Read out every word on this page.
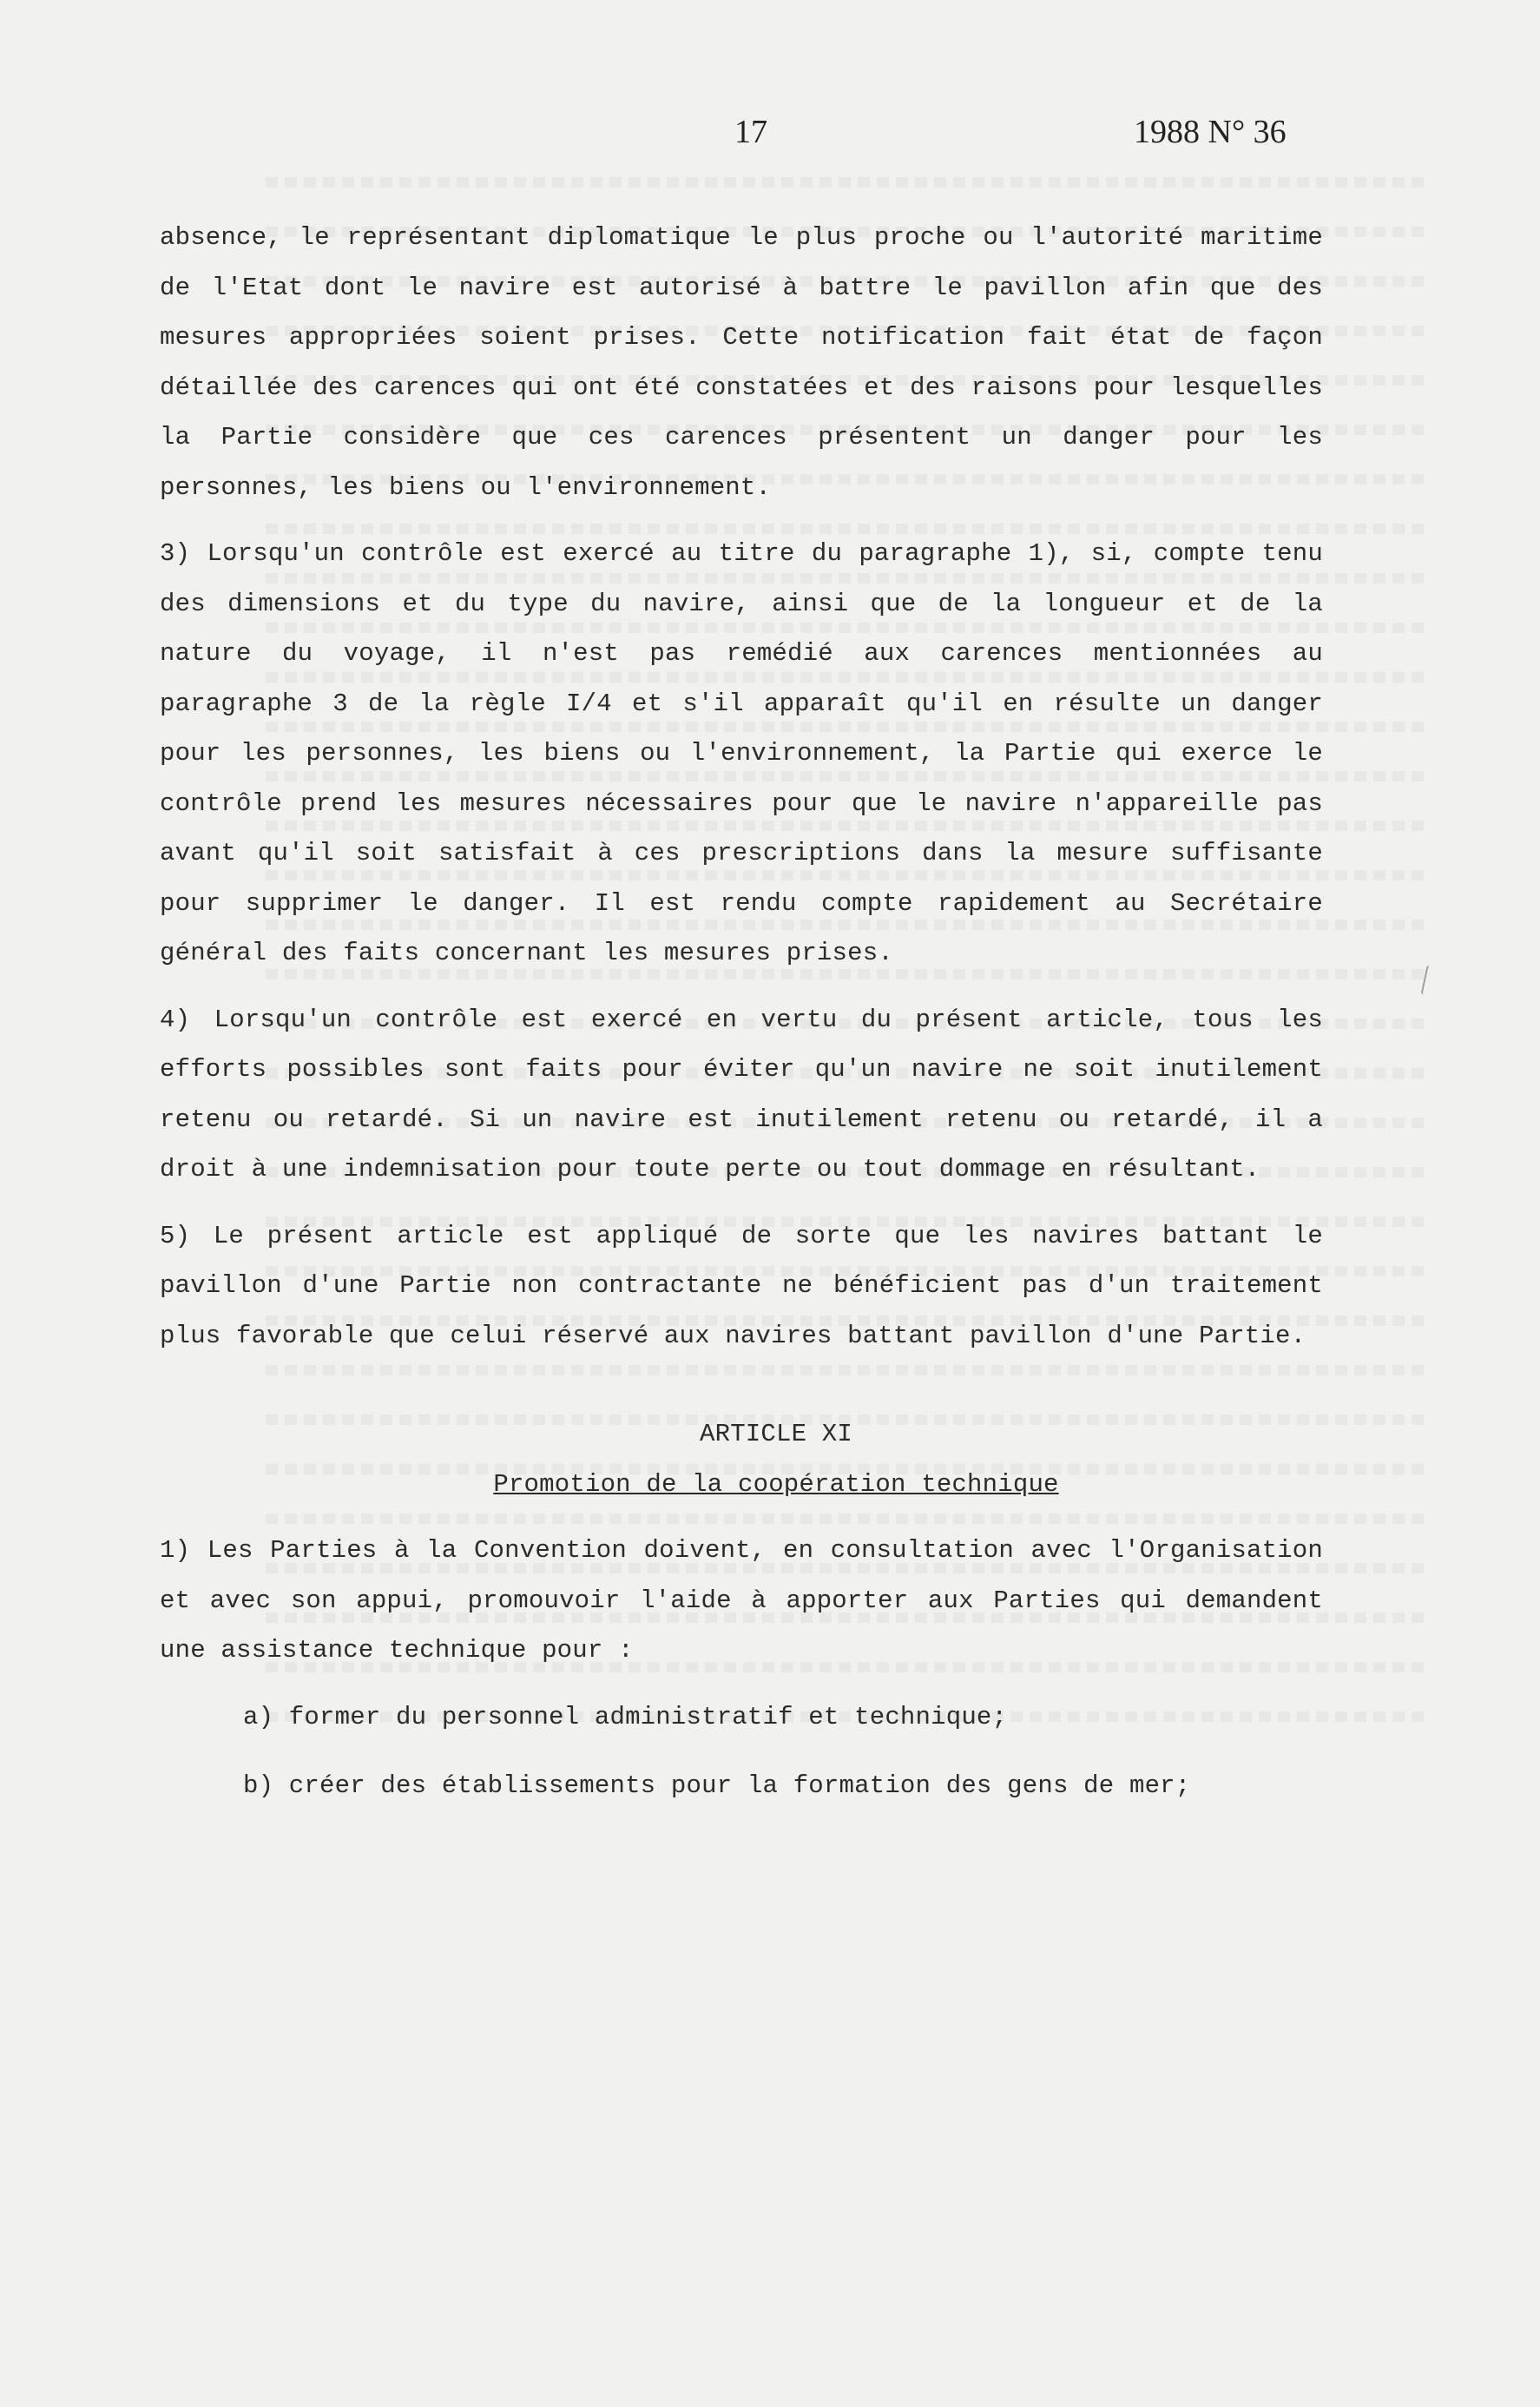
17	1988 N° 36

absence, le représentant diplomatique le plus proche ou l'autorité maritime de l'Etat dont le navire est autorisé à battre le pavillon afin que des mesures appropriées soient prises. Cette notification fait état de façon détaillée des carences qui ont été constatées et des raisons pour lesquelles la Partie considère que ces carences présentent un danger pour les personnes, les biens ou l'environnement.

3) Lorsqu'un contrôle est exercé au titre du paragraphe 1), si, compte tenu des dimensions et du type du navire, ainsi que de la longueur et de la nature du voyage, il n'est pas remédié aux carences mentionnées au paragraphe 3 de la règle I/4 et s'il apparaît qu'il en résulte un danger pour les personnes, les biens ou l'environnement, la Partie qui exerce le contrôle prend les mesures nécessaires pour que le navire n'appareille pas avant qu'il soit satisfait à ces prescriptions dans la mesure suffisante pour supprimer le danger. Il est rendu compte rapidement au Secrétaire général des faits concernant les mesures prises.

4) Lorsqu'un contrôle est exercé en vertu du présent article, tous les efforts possibles sont faits pour éviter qu'un navire ne soit inutilement retenu ou retardé. Si un navire est inutilement retenu ou retardé, il a droit à une indemnisation pour toute perte ou tout dommage en résultant.

5) Le présent article est appliqué de sorte que les navires battant le pavillon d'une Partie non contractante ne bénéficient pas d'un traitement plus favorable que celui réservé aux navires battant pavillon d'une Partie.

ARTICLE XI

Promotion de la coopération technique

1) Les Parties à la Convention doivent, en consultation avec l'Organisation et avec son appui, promouvoir l'aide à apporter aux Parties qui demandent une assistance technique pour :

a) former du personnel administratif et technique;

b) créer des établissements pour la formation des gens de mer;
